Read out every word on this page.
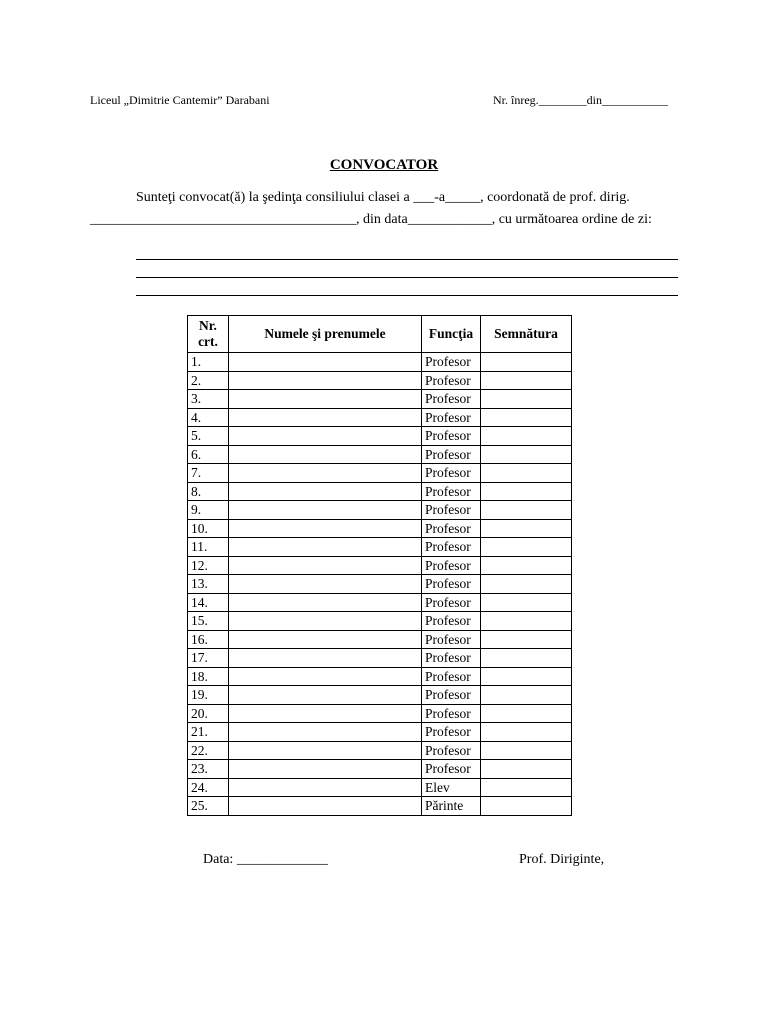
Liceul „Dimitrie Cantemir” Darabani	Nr. înreg.________din___________
CONVOCATOR
Sunteţi convocat(ă) la şedinţa consiliului clasei a ___-a_____, coordonată de prof. dirig.
______________________________________, din data____________, cu următoarea ordine de zi:
Nr. crt.	Numele şi prenumele	Funcţia	Semnătura
1.		Profesor	
2.		Profesor	
3.		Profesor	
4.		Profesor	
5.		Profesor	
6.		Profesor	
7.		Profesor	
8.		Profesor	
9.		Profesor	
10.		Profesor	
11.		Profesor	
12.		Profesor	
13.		Profesor	
14.		Profesor	
15.		Profesor	
16.		Profesor	
17.		Profesor	
18.		Profesor	
19.		Profesor	
20.		Profesor	
21.		Profesor	
22.		Profesor	
23.		Profesor	
24.		Elev	
25.		Părinte	
Data: _____________	Prof. Diriginte,
